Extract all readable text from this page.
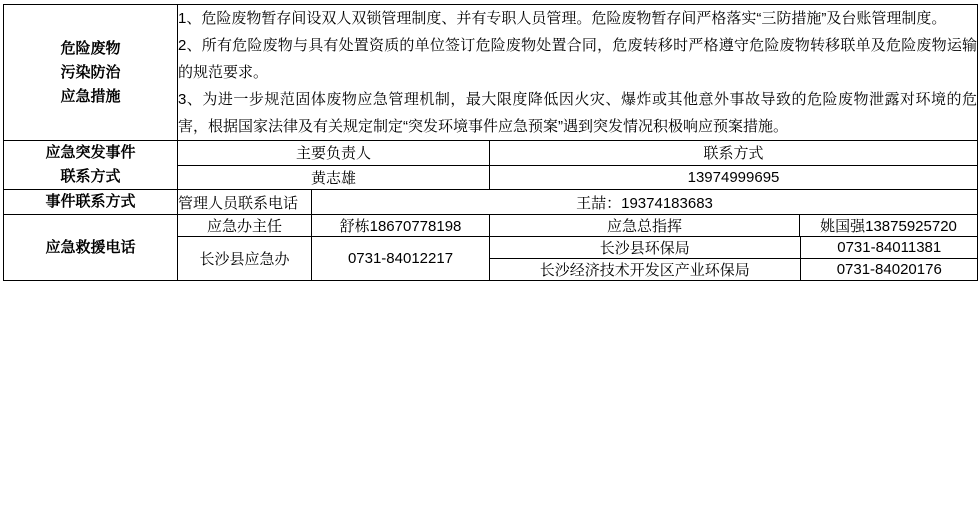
危险废物
污染防治
应急措施

1、危险废物暂存间设双人双锁管理制度、并有专职人员管理。危险废物暂存间严格落实“三防措施”及台账管理制度。

2、所有危险废物与具有处置资质的单位签订危险废物处置合同，危废转移时严格遵守危险废物转移联单及危险废物运输的规范要求。

3、为进一步规范固体废物应急管理机制，最大限度降低因火灾、爆炸或其他意外事故导致的危险废物泄露对环境的危害，根据国家法律及有关规定制定“突发环境事件应急预案”遇到突发情况积极响应预案措施。

应急突发事件
联系方式
	主要负责人	联系方式
黄志雄	13974999695
事件联系方式	管理人员联系电话	王喆：19374183683
应急救援电话	应急办主任	舒栋18670778198	应急总指挥	姚国强13875925720
长沙县应急办	0731-84012217	
长沙县环保局	0731-84011381
长沙经济技术开发区产业环保局	0731-84020176
